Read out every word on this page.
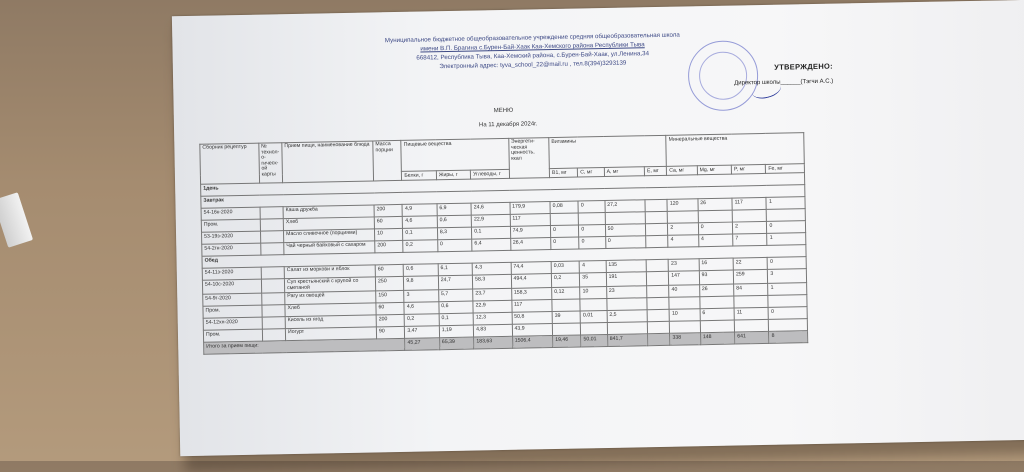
Муниципальное бюджетное общеобразовательное учреждение средняя общеобразовательная школа
имени В.П. Брагина с.Бурен-Бай-Хаак Каа-Хемского района Республики Тыва
668412, Республика Тыва, Каа-Хемский района, с.Бурен-Бай-Хаак, ул.Ленина,34
Электронный адрес: tyva_school_22@mail.ru , тел.8(394)3293139	УТВЕРЖДЕНО:
Директор школы______(Тэгчи А.С.)
МЕНЮ
На 11 декабря 2024г.
Сборник рецептур	№ технол-о-гическ-ой карты	Прием пищи, наименование блюда	Масса порции	Пищевые вещества			Энергети-ческая ценность, ккал	Витамины				Минеральные вещества			
				Белки, г	Жиры, г	Углеводы, г		B1, мг	C, мг	A, мг	E, мг	Ca, мг	Mg, мг	P, мг	Fe, мг
1день															
Завтрак															
54-16к-2020		Каша дружба	200	4,9	6,9	24,6	179,9	0,08	0	27,2		120	26	117	1
Пром.		Хлеб	60	4,6	0,6	22,9	117								
53-19з-2020		Масло сливочное (порциями)	10	0,1	8,3	0,1	74,9	0	0	50		2	0	2	0
54-2гн-2020		Чай черный байховый с сахаром	200	0,2	0	6,4	26,4	0	0	0		4	4	7	1
Обед															
54-11з-2020		Салат из моркови и яблок	60	0,6	6,1	4,3	74,4	0,03	4	135		23	16	22	0
54-10с-2020		Суп крестьянский с крупой со сметаной	250	9,8	24,7	58,3	494,4	0,2	35	191		147	93	259	3
54-9г-2020		Рагу из овощей	150	3	5,7	23,7	158,3	0,12	10	23		40	26	84	1
Пром.		Хлеб	60	4,6	0,6	22,9	117								
54-12хн-2020		Кисель из ягод	200	0,2	0,1	12,3	50,8	39	0,01	2,5		10	6	11	0
Пром.		Йогурт	90	3,47	1,19	4,83	43,9								
Итого за прием пищи:				45,27	65,39	183,63	1506,4	19,46	50,01	841,7		338	148	641	8
